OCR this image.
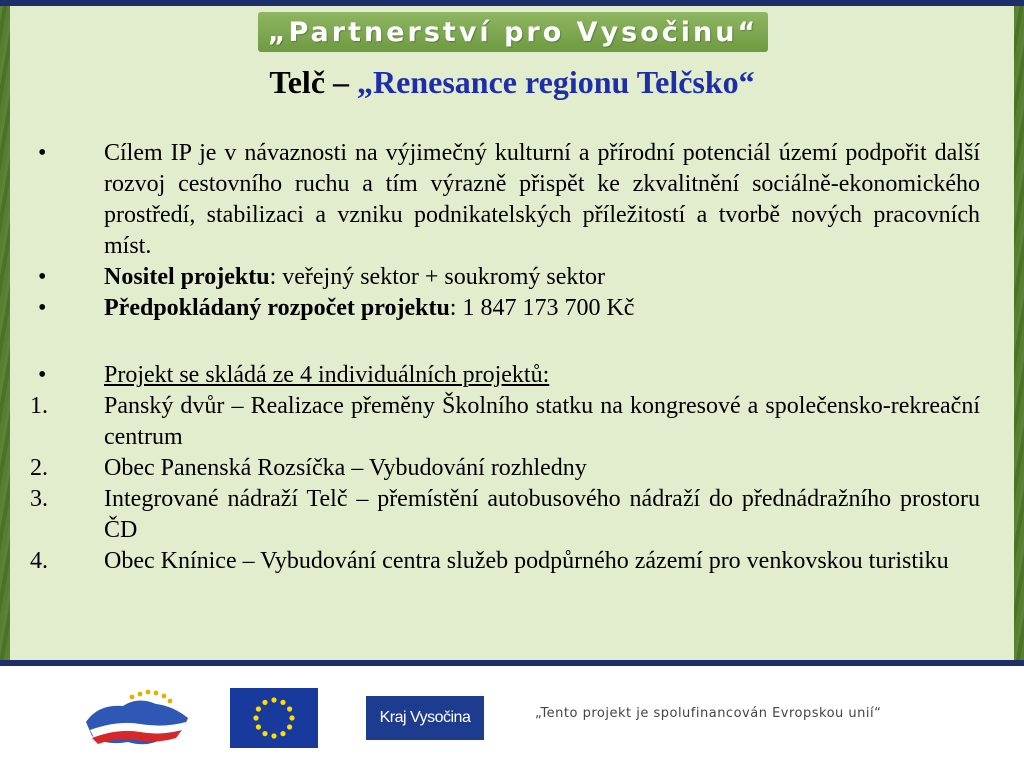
„Partnerství pro Vysočinu“
Telč – „Renesance regionu Telčsko“
•	Cílem IP je v návaznosti na výjimečný kulturní a přírodní potenciál území podpořit další rozvoj cestovního ruchu a tím výrazně přispět ke zkvalitnění sociálně-ekonomického prostředí, stabilizaci a vzniku podnikatelských příležitostí a tvorbě nových pracovních míst.
•	Nositel projektu: veřejný sektor + soukromý sektor
•	Předpokládaný rozpočet projektu: 1 847 173 700 Kč
•	Projekt se skládá ze 4 individuálních projektů:
1.	Panský dvůr – Realizace přeměny Školního statku na kongresové a společensko-rekreační centrum
2.	Obec Panenská Rozsíčka – Vybudování rozhledny
3.	Integrované nádraží Telč – přemístění autobusového nádraží do přednádražního prostoru ČD
4.	Obec Knínice – Vybudování centra služeb podpůrného zázemí pro venkovskou turistiku
Kraj Vysočina	„Tento projekt je spolufinancován Evropskou unií“
